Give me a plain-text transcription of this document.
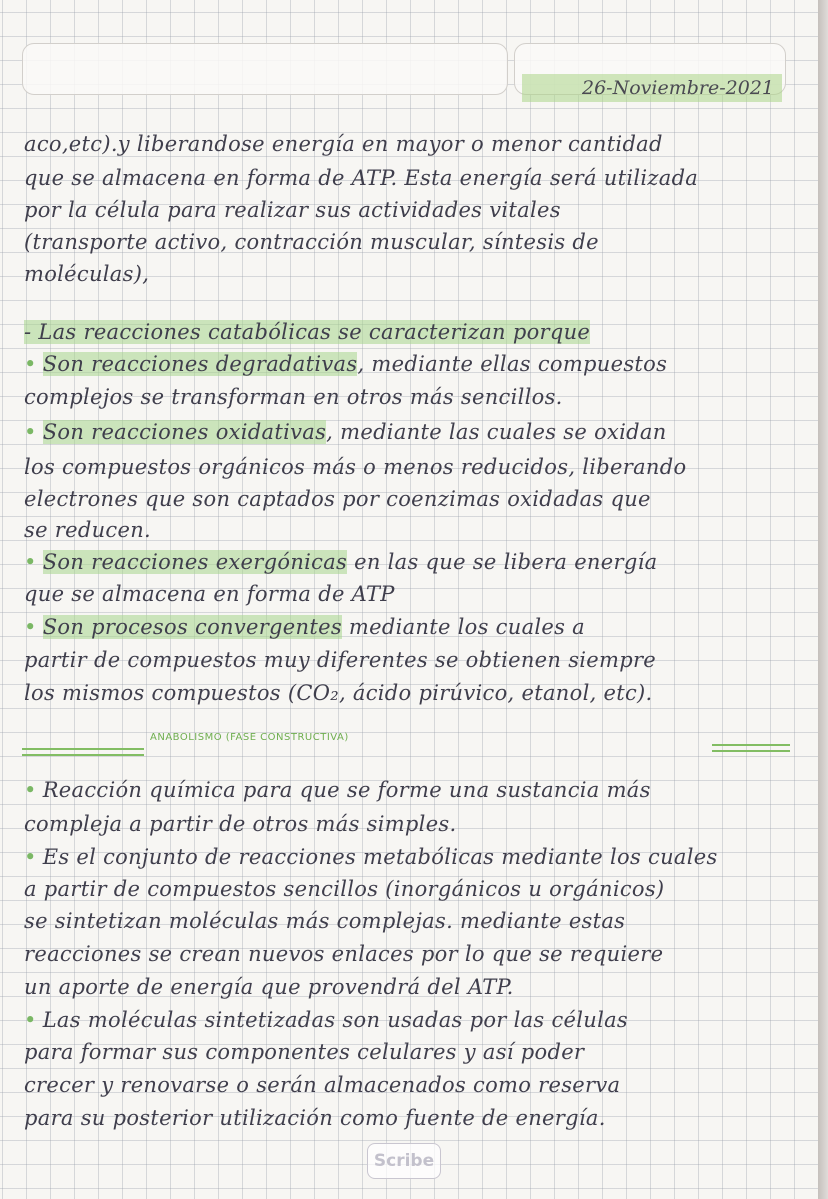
26-Noviembre-2021
aco,etc).y liberandose energía en mayor o menor cantidad
que se almacena en forma de ATP. Esta energía será utilizada
por la célula para realizar sus actividades vitales
(transporte activo, contracción muscular, síntesis de
moléculas),
- Las reacciones catabólicas se caracterizan porque
• Son reacciones degradativas, mediante ellas compuestos
complejos se transforman en otros más sencillos.
• Son reacciones oxidativas, mediante las cuales se oxidan
los compuestos orgánicos más o menos reducidos, liberando
electrones que son captados por coenzimas oxidadas que
se reducen.
• Son reacciones exergónicas en las que se libera energía
que se almacena en forma de ATP
• Son procesos convergentes mediante los cuales a
partir de compuestos muy diferentes se obtienen siempre
los mismos compuestos (CO₂, ácido pirúvico, etanol, etc).
ANABOLISMO (FASE CONSTRUCTIVA)
• Reacción química para que se forme una sustancia más
compleja a partir de otros más simples.
• Es el conjunto de reacciones metabólicas mediante los cuales
a partir de compuestos sencillos (inorgánicos u orgánicos)
se sintetizan moléculas más complejas. mediante estas
reacciones se crean nuevos enlaces por lo que se requiere
un aporte de energía que provendrá del ATP.
• Las moléculas sintetizadas son usadas por las células
para formar sus componentes celulares y así poder
crecer y renovarse o serán almacenados como reserva
para su posterior utilización como fuente de energía.
Scribe
